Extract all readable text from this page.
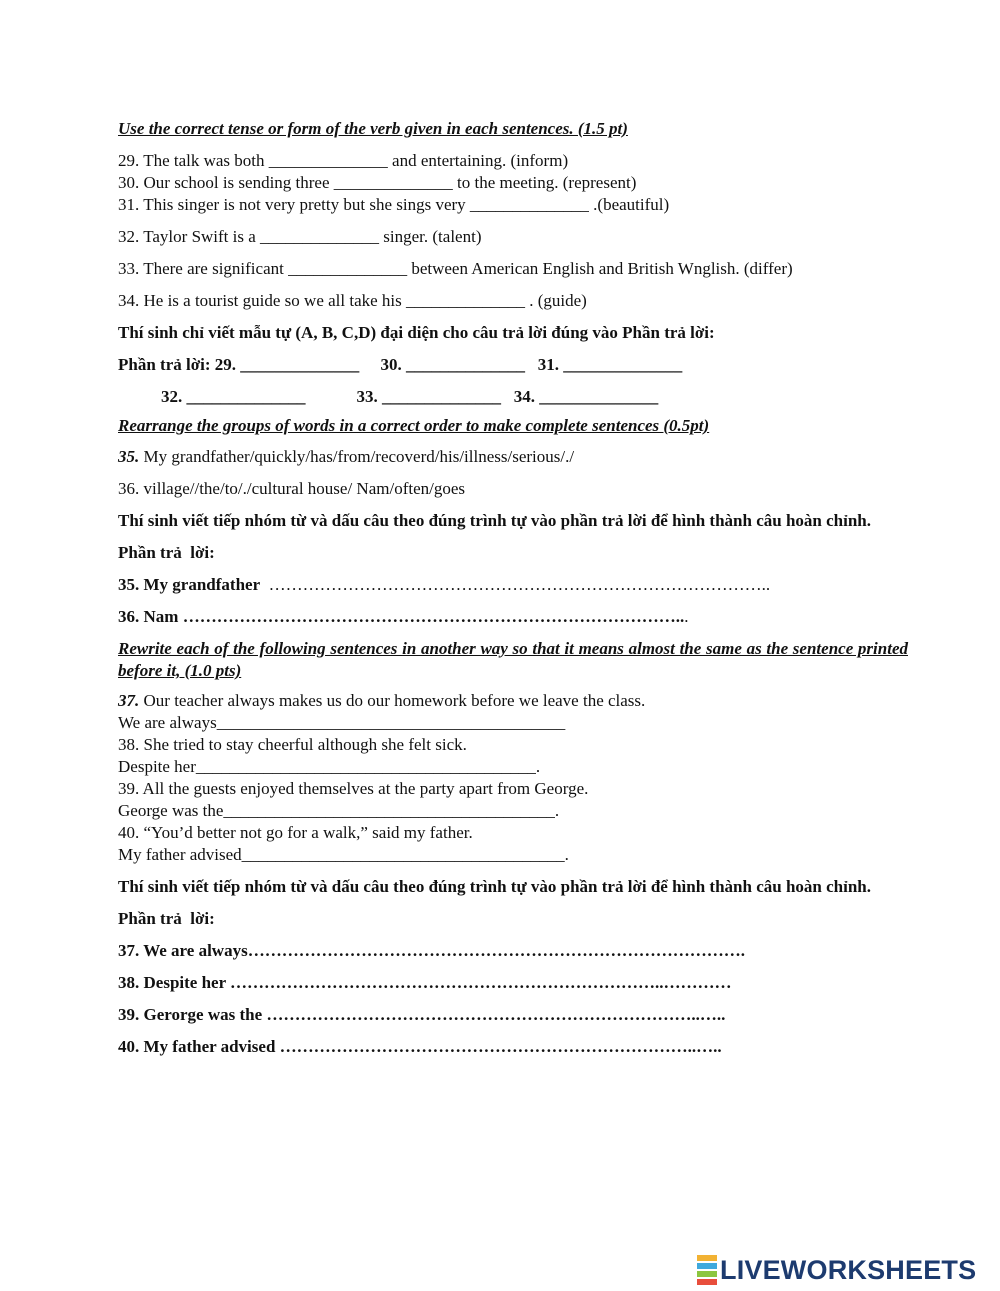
Use the correct tense or form of the verb given in each sentences. (1.5 pt)
29. The talk was both ______________ and entertaining. (inform)
30. Our school is sending three ______________ to the meeting. (represent)
31. This singer is not very pretty but she sings very ______________ .(beautiful)
32. Taylor Swift is a ______________ singer. (talent)
33. There are significant ______________ between American English and British Wnglish. (differ)
34. He is a tourist guide so we all take his ______________ . (guide)
Thí sinh chỉ viết mẫu tự (A, B, C,D) đại diện cho câu trả lời đúng vào Phần trả lời:
Phần trả lời: 29. ______________     30. ______________   31. ______________
32. ______________            33. ______________   34. ______________
Rearrange the groups of words in a correct order to make complete sentences (0.5pt)
35. My grandfather/quickly/has/from/recoverd/his/illness/serious/./
36. village//the/to/./cultural house/ Nam/often/goes
Thí sinh viết tiếp nhóm từ và dấu câu theo đúng trình tự vào phần trả lời để hình thành câu hoàn chỉnh.
Phần trả  lời:
35. My grandfather  ……………………………………………………………………………..
36. Nam ……………………………………………………………………………...
Rewrite each of the following sentences in another way so that it means almost the same as the sentence printed before it, (1.0 pts)
37. Our teacher always makes us do our homework before we leave the class.
We are always_________________________________________
38. She tried to stay cheerful although she felt sick.
Despite her________________________________________.
39. All the guests enjoyed themselves at the party apart from George.
George was the_______________________________________.
40. “You’d better not go for a walk,” said my father.
My father advised______________________________________.
Thí sinh viết tiếp nhóm từ và dấu câu theo đúng trình tự vào phần trả lời để hình thành câu hoàn chỉnh.
Phần trả  lời:
37. We are always…………………………………………………………………………….
38. Despite her …………………………………………………………………..…………
39. Gerorge was the …………………………………………………………………..…..
40. My father advised ………………………………………………………………..…..
LIVEWORKSHEETS
